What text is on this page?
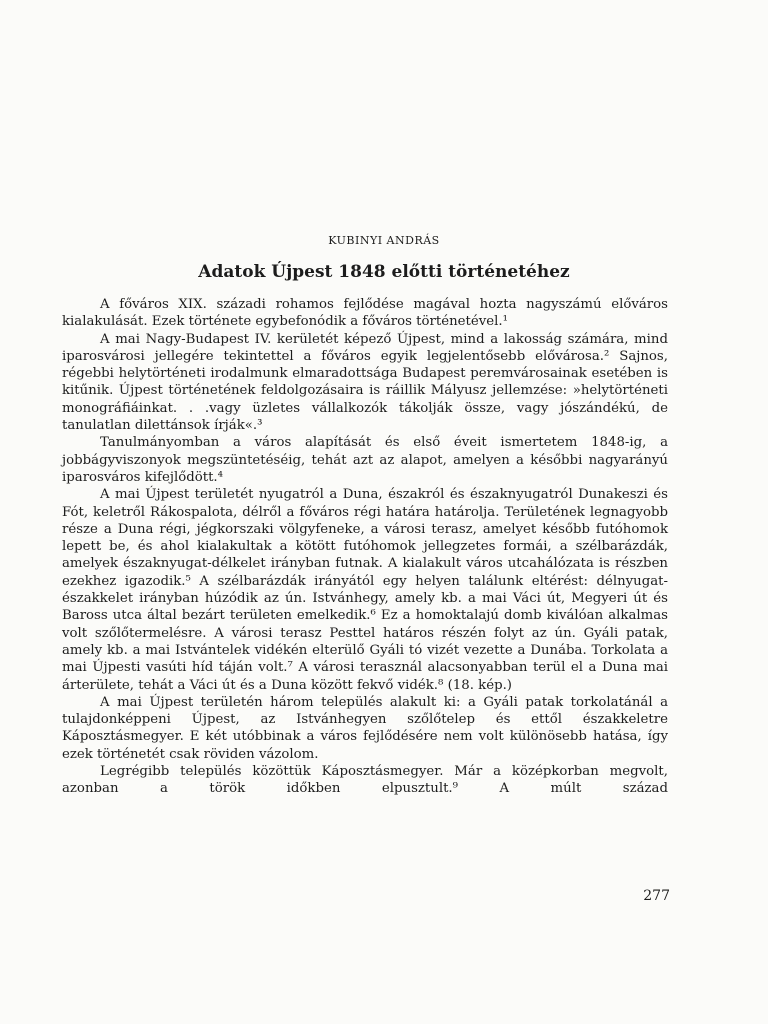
KUBINYI ANDRÁS
Adatok Újpest 1848 előtti történetéhez

A főváros XIX. századi rohamos fejlődése magával hozta nagyszámú előváros kialakulását. Ezek története egybefonódik a főváros történetével.¹

A mai Nagy-Budapest IV. kerületét képező Újpest, mind a lakosság számára, mind iparosvárosi jellegére tekintettel a főváros egyik legjelentősebb elővárosa.² Sajnos, régebbi helytörténeti irodalmunk elmaradottsága Budapest peremvárosainak esetében is kitűnik. Újpest történetének feldolgozásaira is ráillik Mályusz jellemzése: »helytörténeti monográfiáinkat. . .vagy üzletes vállalkozók tákolják össze, vagy jószándékú, de tanulatlan dilettánsok írják«.³

Tanulmányomban a város alapítását és első éveit ismertetem 1848-ig, a jobbágyviszonyok megszüntetéséig, tehát azt az alapot, amelyen a későbbi nagyarányú iparosváros kifejlődött.⁴

A mai Újpest területét nyugatról a Duna, északról és északnyugatról Dunakeszi és Fót, keletről Rákospalota, délről a főváros régi határa határolja. Területének legnagyobb része a Duna régi, jégkorszaki völgyfeneke, a városi terasz, amelyet később futóhomok lepett be, és ahol kialakultak a kötött futóhomok jellegzetes formái, a szélbarázdák, amelyek északnyugat-délkelet irányban futnak. A kialakult város utcahálózata is részben ezekhez igazodik.⁵ A szélbarázdák irányától egy helyen találunk eltérést: délnyugat-északkelet irányban húzódik az ún. Istvánhegy, amely kb. a mai Váci út, Megyeri út és Baross utca által bezárt területen emelkedik.⁶ Ez a homoktalajú domb kiválóan alkalmas volt szőlőtermelésre. A városi terasz Pesttel határos részén folyt az ún. Gyáli patak, amely kb. a mai Istvántelek vidékén elterülő Gyáli tó vizét vezette a Dunába. Torkolata a mai Újpesti vasúti híd táján volt.⁷ A városi terasznál alacsonyabban terül el a Duna mai árterülete, tehát a Váci út és a Duna között fekvő vidék.⁸ (18. kép.)

A mai Újpest területén három település alakult ki: a Gyáli patak torkolatánál a tulajdonképpeni Újpest, az Istvánhegyen szőlőtelep és ettől északkeletre Káposztásmegyer. E két utóbbinak a város fejlődésére nem volt különösebb hatása, így ezek történetét csak röviden vázolom.

Legrégibb település közöttük Káposztásmegyer. Már a középkorban megvolt, azonban a török időkben elpusztult.⁹ A múlt század

277
